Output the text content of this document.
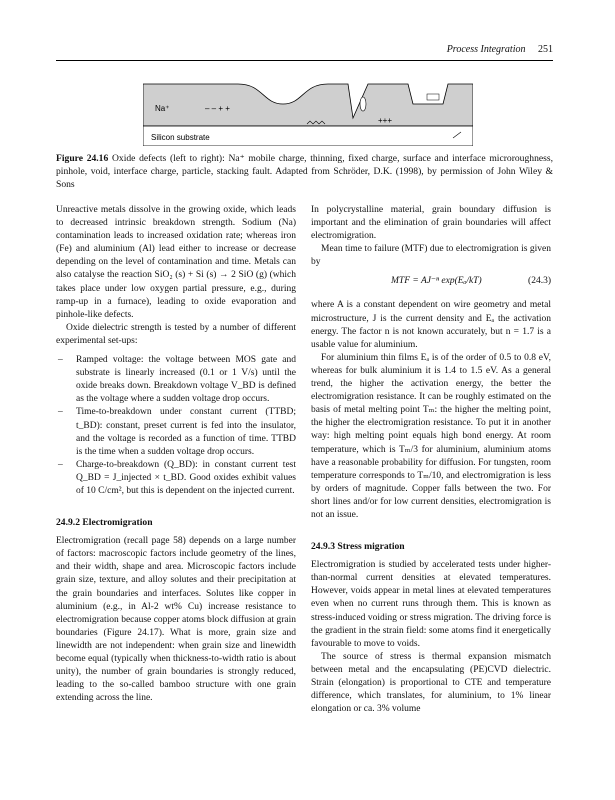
Process Integration 251
Na⁺	– – + +
+++
Silicon substrate
Figure 24.16 Oxide defects (left to right): Na⁺ mobile charge, thinning, fixed charge, surface and interface microroughness, pinhole, void, interface charge, particle, stacking fault. Adapted from Schröder, D.K. (1998), by permission of John Wiley & Sons

Unreactive metals dissolve in the growing oxide, which leads to decreased intrinsic breakdown strength. Sodium (Na) contamination leads to increased oxidation rate; whereas iron (Fe) and aluminium (Al) lead either to increase or decrease depending on the level of contamination and time. Metals can also catalyse the reaction SiO₂ (s) + Si (s) → 2 SiO (g) (which takes place under low oxygen partial pressure, e.g., during ramp-up in a furnace), leading to oxide evaporation and pinhole-like defects.

Oxide dielectric strength is tested by a number of different experimental set-ups:

– Ramped voltage: the voltage between MOS gate and substrate is linearly increased (0.1 or 1 V/s) until the oxide breaks down. Breakdown voltage V_BD is defined as the voltage where a sudden voltage drop occurs.
– Time-to-breakdown under constant current (TTBD; t_BD): constant, preset current is fed into the insulator, and the voltage is recorded as a function of time. TTBD is the time when a sudden voltage drop occurs.
– Charge-to-breakdown (Q_BD): in constant current test Q_BD = J_injected × t_BD. Good oxides exhibit values of 10 C/cm², but this is dependent on the injected current.
24.9.2 Electromigration

Electromigration (recall page 58) depends on a large number of factors: macroscopic factors include geometry of the lines, and their width, shape and area. Microscopic factors include grain size, texture, and alloy solutes and their precipitation at the grain boundaries and interfaces. Solutes like copper in aluminium (e.g., in Al-2 wt% Cu) increase resistance to electromigration because copper atoms block diffusion at grain boundaries (Figure 24.17). What is more, grain size and linewidth are not independent: when grain size and linewidth become equal (typically when thickness-to-width ratio is about unity), the number of grain boundaries is strongly reduced, leading to the so-called bamboo structure with one grain extending across the line.

In polycrystalline material, grain boundary diffusion is important and the elimination of grain boundaries will affect electromigration.

Mean time to failure (MTF) due to electromigration is given by

MTF = AJ⁻ⁿ exp(Eₐ/kT)	(24.3)

where A is a constant dependent on wire geometry and metal microstructure, J is the current density and Eₐ the activation energy. The factor n is not known accurately, but n = 1.7 is a usable value for aluminium.

For aluminium thin films Eₐ is of the order of 0.5 to 0.8 eV, whereas for bulk aluminium it is 1.4 to 1.5 eV. As a general trend, the higher the activation energy, the better the electromigration resistance. It can be roughly estimated on the basis of metal melting point Tₘ: the higher the melting point, the higher the electromigration resistance. To put it in another way: high melting point equals high bond energy. At room temperature, which is Tₘ/3 for aluminium, aluminium atoms have a reasonable probability for diffusion. For tungsten, room temperature corresponds to Tₘ/10, and electromigration is less by orders of magnitude. Copper falls between the two. For short lines and/or for low current densities, electromigration is not an issue.

24.9.3 Stress migration

Electromigration is studied by accelerated tests under higher-than-normal current densities at elevated temperatures. However, voids appear in metal lines at elevated temperatures even when no current runs through them. This is known as stress-induced voiding or stress migration. The driving force is the gradient in the strain field: some atoms find it energetically favourable to move to voids.

The source of stress is thermal expansion mismatch between metal and the encapsulating (PE)CVD dielectric. Strain (elongation) is proportional to CTE and temperature difference, which translates, for aluminium, to 1% linear elongation or ca. 3% volume
